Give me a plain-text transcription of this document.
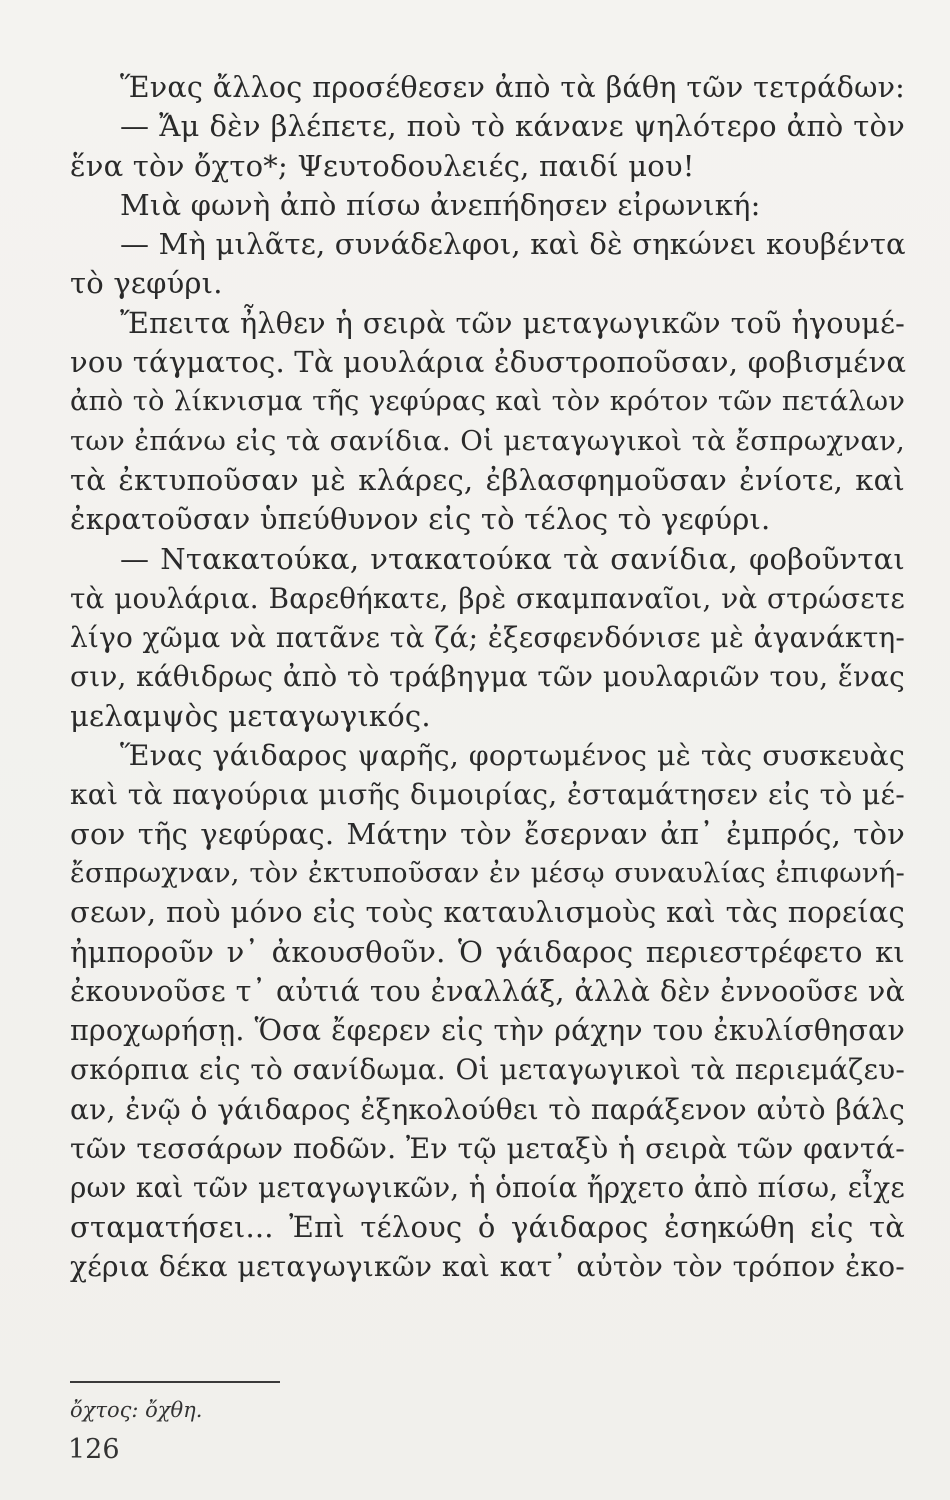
Ἕνας ἄλλος προσέθεσεν ἀπὸ τὰ βάθη τῶν τετράδων:
— Ἄμ δὲν βλέπετε, ποὺ τὸ κάνανε ψηλότερο ἀπὸ τὸν
ἕνα τὸν ὄχτο*; Ψευτοδουλειές, παιδί μου!
Μιὰ φωνὴ ἀπὸ πίσω ἀνεπήδησεν εἰρωνική:
— Μὴ μιλᾶτε, συνάδελφοι, καὶ δὲ σηκώνει κουβέντα
τὸ γεφύρι.
Ἔπειτα ἦλθεν ἡ σειρὰ τῶν μεταγωγικῶν τοῦ ἡγουμέ-
νου τάγματος. Τὰ μουλάρια ἐδυστροποῦσαν, φοβισμένα
ἀπὸ τὸ λίκνισμα τῆς γεφύρας καὶ τὸν κρότον τῶν πετάλων
των ἐπάνω εἰς τὰ σανίδια. Οἱ μεταγωγικοὶ τὰ ἔσπρωχναν,
τὰ ἐκτυποῦσαν μὲ κλάρες, ἐβλασφημοῦσαν ἐνίοτε, καὶ
ἐκρατοῦσαν ὑπεύθυνον εἰς τὸ τέλος τὸ γεφύρι.
— Ντακατούκα, ντακατούκα τὰ σανίδια, φοβοῦνται
τὰ μουλάρια. Βαρεθήκατε, βρὲ σκαμπαναῖοι, νὰ στρώσετε
λίγο χῶμα νὰ πατᾶνε τὰ ζά; ἐξεσφενδόνισε μὲ ἀγανάκτη-
σιν, κάθιδρως ἀπὸ τὸ τράβηγμα τῶν μουλαριῶν του, ἕνας
μελαμψὸς μεταγωγικός.
Ἕνας γάιδαρος ψαρῆς, φορτωμένος μὲ τὰς συσκευὰς
καὶ τὰ παγούρια μισῆς διμοιρίας, ἐσταμάτησεν εἰς τὸ μέ-
σον τῆς γεφύρας. Μάτην τὸν ἔσερναν ἀπ᾽ ἐμπρός, τὸν
ἔσπρωχναν, τὸν ἐκτυποῦσαν ἐν μέσῳ συναυλίας ἐπιφωνή-
σεων, ποὺ μόνο εἰς τοὺς καταυλισμοὺς καὶ τὰς πορείας
ἠμποροῦν ν᾽ ἀκουσθοῦν. Ὁ γάιδαρος περιεστρέφετο κι
ἐκουνοῦσε τ᾽ αὐτιά του ἐναλλάξ, ἀλλὰ δὲν ἐννοοῦσε νὰ
προχωρήσῃ. Ὅσα ἔφερεν εἰς τὴν ράχην του ἐκυλίσθησαν
σκόρπια εἰς τὸ σανίδωμα. Οἱ μεταγωγικοὶ τὰ περιεμάζευ-
αν, ἐνῷ ὁ γάιδαρος ἐξηκολούθει τὸ παράξενον αὐτὸ βάλς
τῶν τεσσάρων ποδῶν. Ἐν τῷ μεταξὺ ἡ σειρὰ τῶν φαντά-
ρων καὶ τῶν μεταγωγικῶν, ἡ ὁποία ἤρχετο ἀπὸ πίσω, εἶχε
σταματήσει... Ἐπὶ τέλους ὁ γάιδαρος ἐσηκώθη εἰς τὰ
χέρια δέκα μεταγωγικῶν καὶ κατ᾽ αὐτὸν τὸν τρόπον ἐκο-
ὄχτος: ὄχθη.
126
